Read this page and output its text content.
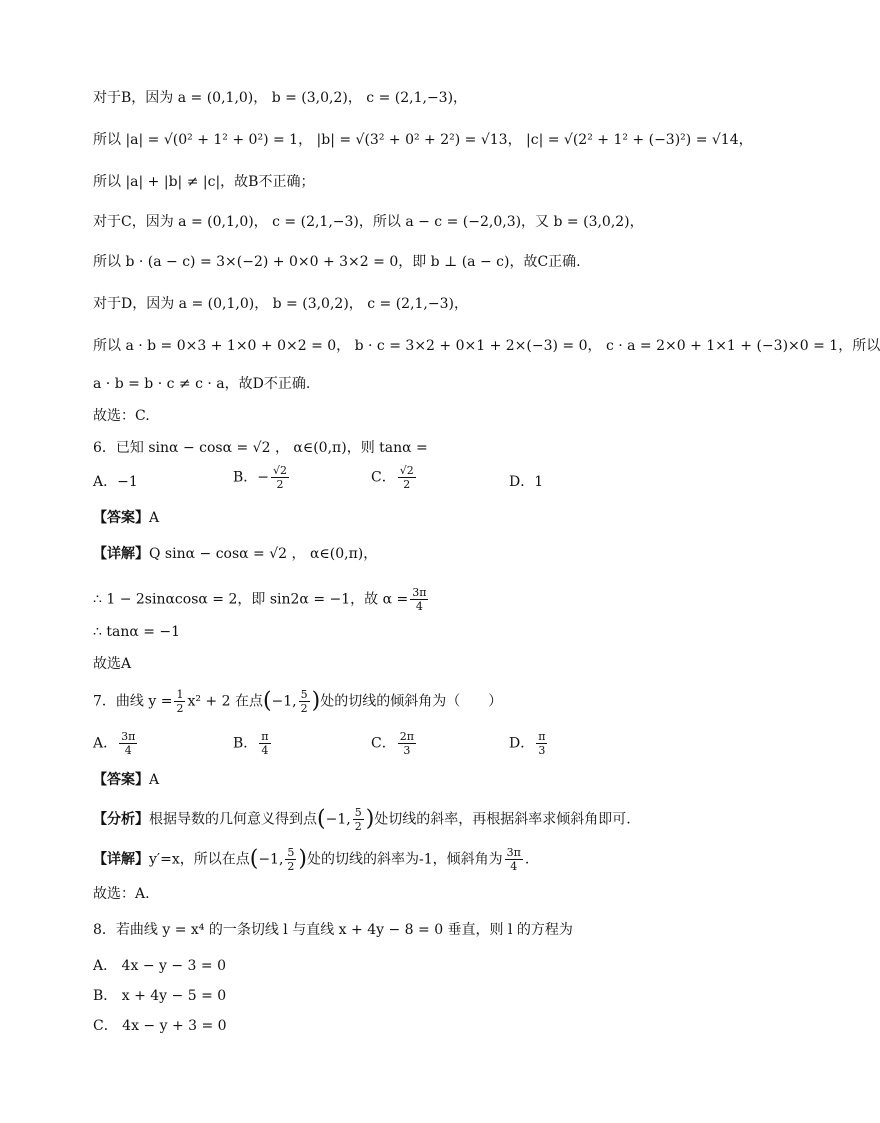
对于B，因为 a = (0,1,0)， b = (3,0,2)， c = (2,1,−3)，
所以 |a| = √(0² + 1² + 0²) = 1， |b| = √(3² + 0² + 2²) = √13， |c| = √(2² + 1² + (−3)²) = √14，
所以 |a| + |b| ≠ |c|，故B不正确；
对于C，因为 a = (0,1,0)， c = (2,1,−3)，所以 a − c = (−2,0,3)，又 b = (3,0,2)，
所以 b · (a − c) = 3×(−2) + 0×0 + 3×2 = 0，即 b ⊥ (a − c)，故C正确.
对于D，因为 a = (0,1,0)， b = (3,0,2)， c = (2,1,−3)，
所以 a · b = 0×3 + 1×0 + 0×2 = 0， b · c = 3×2 + 0×1 + 2×(−3) = 0， c · a = 2×0 + 1×1 + (−3)×0 = 1，所以
a · b = b · c ≠ c · a，故D不正确.
故选：C.
6．已知 sinα − cosα = √2 ， α∈(0,π)，则 tanα =
A．−1	B．− $\frac{√2}{2}$	C． $\frac{√2}{2}$	D．1
【答案】A
【详解】Q sinα − cosα = √2 ， α∈(0,π)，
∴ 1 − 2sinαcosα = 2，即 sin2α = −1，故 $\alpha = \frac{3\pi}{4}$
∴ tanα = −1
故选A
7．曲线 $y = \frac{1}{2} x^2 + 2$ 在点(−1, $\frac{5}{2}$ )处的切线的倾斜角为（　　）
A． $\frac{3\pi}{4}$	B． $\frac{\pi}{4}$	C． $\frac{2\pi}{3}$	D． $\frac{\pi}{3}$
【答案】A
【分析】根据导数的几何意义得到点(−1, $\frac{5}{2}$ )处切线的斜率，再根据斜率求倾斜角即可.
【详解】y′=x，所以在点(−1, $\frac{5}{2}$ )处的切线的斜率为-1，倾斜角为 $\frac{3\pi}{4}$ .
故选：A.
8．若曲线 y = x⁴ 的一条切线 l 与直线 x + 4y − 8 = 0 垂直，则 l 的方程为
A． 4x − y − 3 = 0
B． x + 4y − 5 = 0
C． 4x − y + 3 = 0
